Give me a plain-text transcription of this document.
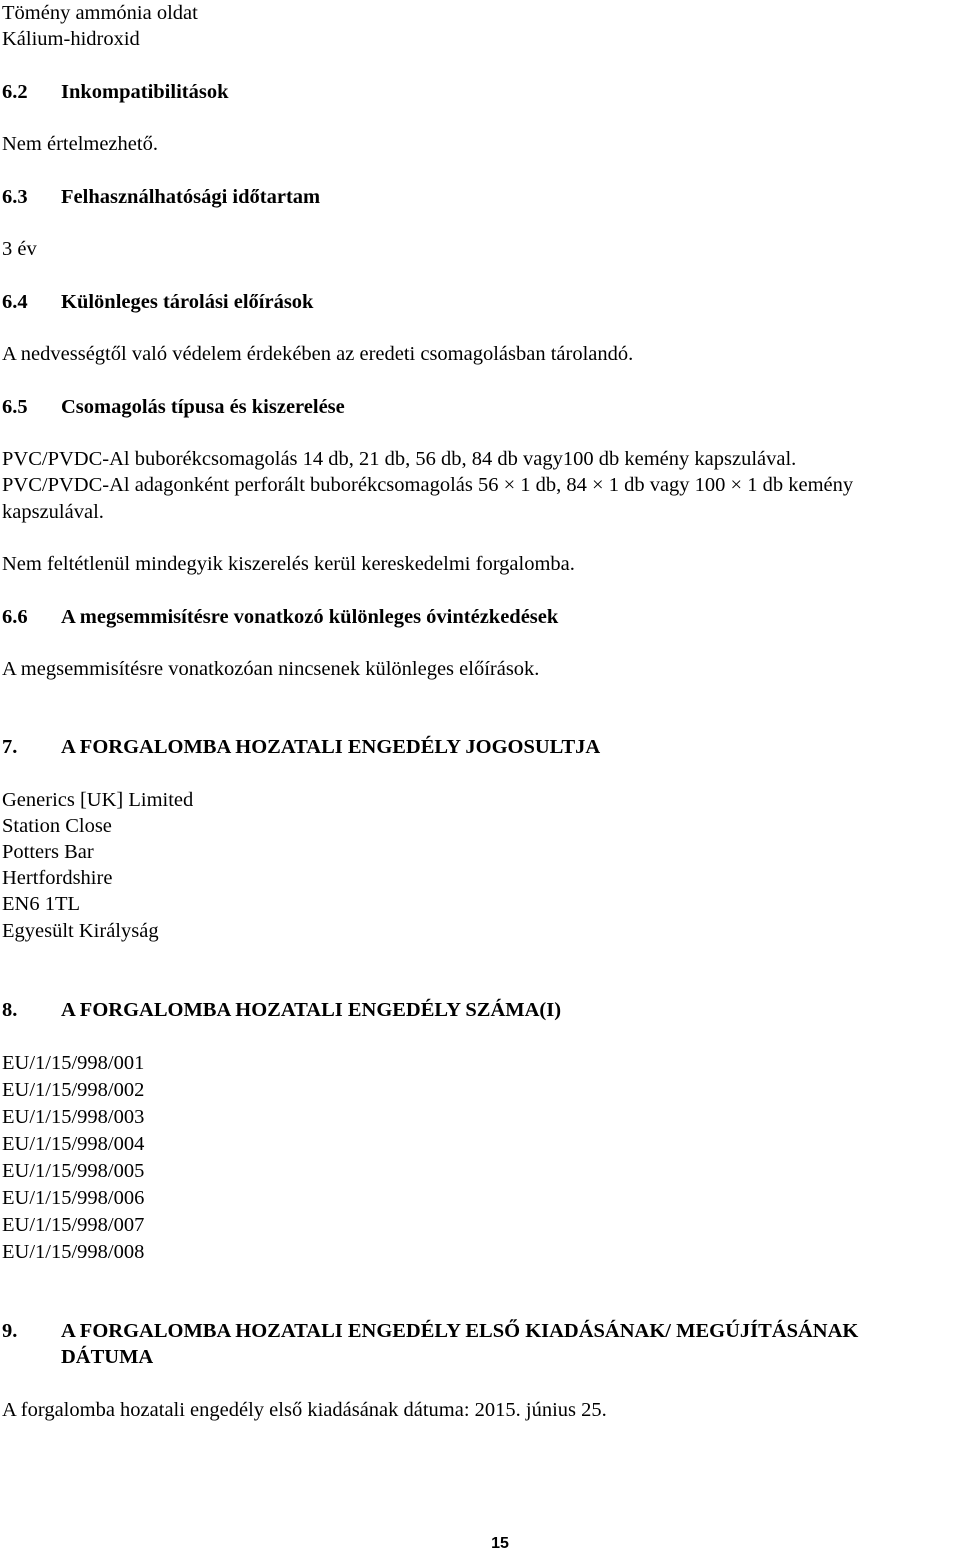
Tömény ammónia oldat
Kálium-hidroxid
6.2 Inkompatibilitások
Nem értelmezhető.
6.3 Felhasználhatósági időtartam
3 év
6.4 Különleges tárolási előírások
A nedvességtől való védelem érdekében az eredeti csomagolásban tárolandó.
6.5 Csomagolás típusa és kiszerelése
PVC/PVDC-Al buborékcsomagolás 14 db, 21 db, 56 db, 84 db vagy100 db kemény kapszulával.
PVC/PVDC-Al adagonként perforált buborékcsomagolás 56 × 1 db, 84 × 1 db vagy 100 × 1 db kemény kapszulával.
Nem feltétlenül mindegyik kiszerelés kerül kereskedelmi forgalomba.
6.6 A megsemmisítésre vonatkozó különleges óvintézkedések
A megsemmisítésre vonatkozóan nincsenek különleges előírások.
7. A FORGALOMBA HOZATALI ENGEDÉLY JOGOSULTJA
Generics [UK] Limited
Station Close
Potters Bar
Hertfordshire
EN6 1TL
Egyesült Királyság
8. A FORGALOMBA HOZATALI ENGEDÉLY SZÁMA(I)
EU/1/15/998/001
EU/1/15/998/002
EU/1/15/998/003
EU/1/15/998/004
EU/1/15/998/005
EU/1/15/998/006
EU/1/15/998/007
EU/1/15/998/008
9. A FORGALOMBA HOZATALI ENGEDÉLY ELSŐ KIADÁSÁNAK/ MEGÚJÍTÁSÁNAK
DÁTUMA
A forgalomba hozatali engedély első kiadásának dátuma: 2015. június 25.
15
